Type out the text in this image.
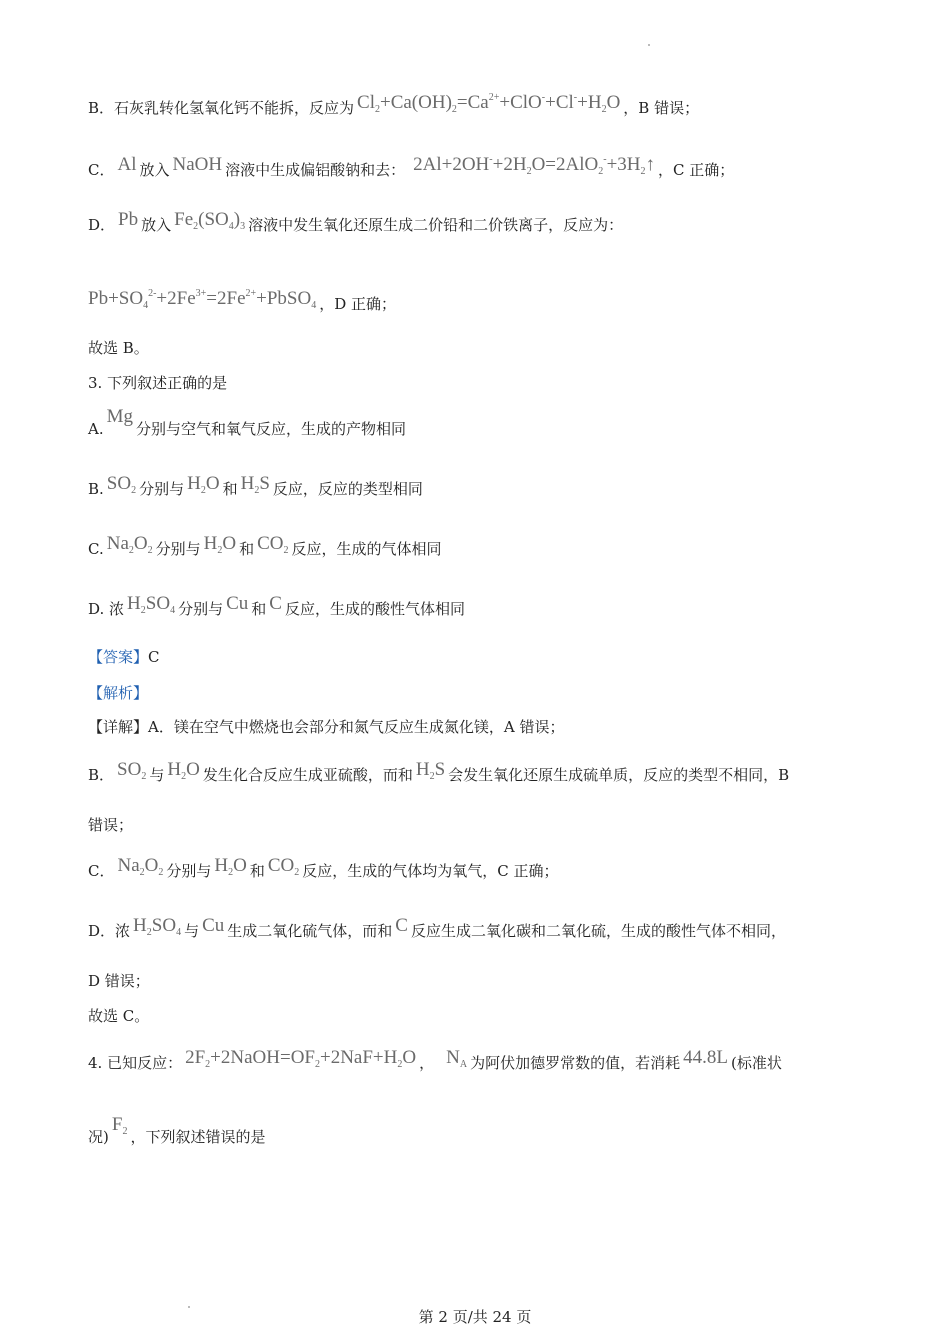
B．石灰乳转化氢氧化钙不能拆，反应为 $Cl_2+Ca(OH)_2=Ca^{2+}+ClO^-+Cl^-+H_2O$ ，B 错误；
C． Al 放入 NaOH 溶液中生成偏铝酸钠和去： $2Al+2OH^-+2H_2O=2AlO_2^-+3H_2↑$ ，C 正确；
D． Pb 放入 $Fe_2(SO_4)_3$ 溶液中发生氧化还原生成二价铅和二价铁离子，反应为：
$Pb+SO_4^{2-}+2Fe^{3+}=2Fe^{2+}+PbSO_4$ ，D 正确；
故选 B。
3. 下列叙述正确的是
A.Mg分别与空气和氧气反应，生成的产物相同
B. $SO_2$ 分别与 $H_2O$ 和 $H_2S$ 反应，反应的类型相同
C. $Na_2O_2$ 分别与 $H_2O$ 和 $CO_2$ 反应，生成的气体相同
D. 浓 $H_2SO_4$ 分别与 Cu 和 C 反应，生成的酸性气体相同
【答案】C
【解析】
【详解】A．镁在空气中燃烧也会部分和氮气反应生成氮化镁，A 错误；
B． $SO_2$ 与 $H_2O$ 发生化合反应生成亚硫酸，而和 $H_2S$ 会发生氧化还原生成硫单质，反应的类型不相同，B
错误；
C． $Na_2O_2$ 分别与 $H_2O$ 和 $CO_2$ 反应，生成的气体均为氧气，C 正确；
D．浓 $H_2SO_4$ 与 Cu 生成二氧化硫气体，而和 C 反应生成二氧化碳和二氧化硫，生成的酸性气体不相同，
D 错误；
故选 C。
4. 已知反应： $2F_2+2NaOH=OF_2+2NaF+H_2O$ ， $N_A$ 为阿伏加德罗常数的值，若消耗 44.8L (标准状
况)$F_2$ ，下列叙述错误的是
第 2 页/共 24 页
